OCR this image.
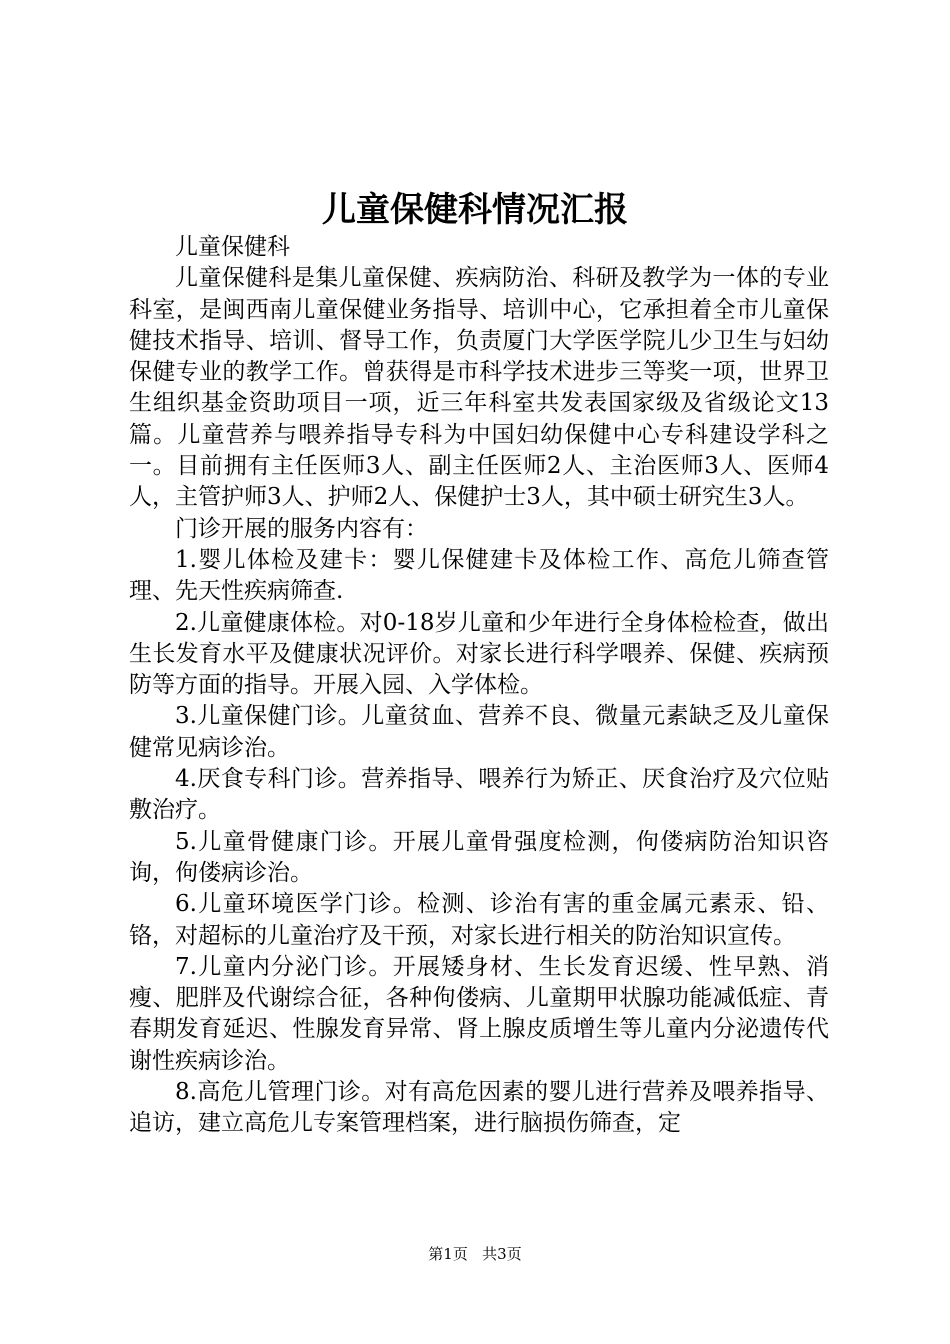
儿童保健科情况汇报

儿童保健科

儿童保健科是集儿童保健、疾病防治、科研及教学为一体的专业科室，是闽西南儿童保健业务指导、培训中心，它承担着全市儿童保健技术指导、培训、督导工作，负责厦门大学医学院儿少卫生与妇幼保健专业的教学工作。曾获得是市科学技术进步三等奖一项，世界卫生组织基金资助项目一项，近三年科室共发表国家级及省级论文13篇。儿童营养与喂养指导专科为中国妇幼保健中心专科建设学科之一。目前拥有主任医师3人、副主任医师2人、主治医师3人、医师4人，主管护师3人、护师2人、保健护士3人，其中硕士研究生3人。

门诊开展的服务内容有：

1.婴儿体检及建卡：婴儿保健建卡及体检工作、高危儿筛查管理、先天性疾病筛查.

2.儿童健康体检。对0-18岁儿童和少年进行全身体检检查，做出生长发育水平及健康状况评价。对家长进行科学喂养、保健、疾病预防等方面的指导。开展入园、入学体检。

3.儿童保健门诊。儿童贫血、营养不良、微量元素缺乏及儿童保健常见病诊治。

4.厌食专科门诊。营养指导、喂养行为矫正、厌食治疗及穴位贴敷治疗。

5.儿童骨健康门诊。开展儿童骨强度检测，佝偻病防治知识咨询，佝偻病诊治。

6.儿童环境医学门诊。检测、诊治有害的重金属元素汞、铅、铬，对超标的儿童治疗及干预，对家长进行相关的防治知识宣传。

7.儿童内分泌门诊。开展矮身材、生长发育迟缓、性早熟、消瘦、肥胖及代谢综合征，各种佝偻病、儿童期甲状腺功能减低症、青春期发育延迟、性腺发育异常、肾上腺皮质增生等儿童内分泌遗传代谢性疾病诊治。

8.高危儿管理门诊。对有高危因素的婴儿进行营养及喂养指导、追访，建立高危儿专案管理档案，进行脑损伤筛查，定

第1页 共3页
